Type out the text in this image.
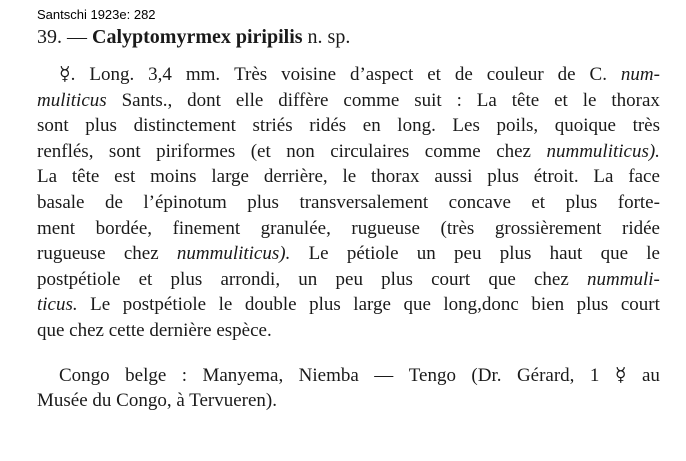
Santschi 1923e: 282
39. — Calyptomyrmex piripilis n. sp.
☿. Long. 3,4 mm. Très voisine d’aspect et de couleur de C. num-
muliticus Sants., dont elle diffère comme suit : La tête et le thorax
sont plus distinctement striés ridés en long. Les poils, quoique très
renflés, sont piriformes (et non circulaires comme chez nummuliticus).
La tête est moins large derrière, le thorax aussi plus étroit. La face
basale de l’épinotum plus transversalement concave et plus forte-
ment bordée, finement granulée, rugueuse (très grossièrement ridée
rugueuse chez nummuliticus). Le pétiole un peu plus haut que le
postpétiole et plus arrondi, un peu plus court que chez nummuli-
ticus. Le postpétiole le double plus large que long,donc bien plus court
que chez cette dernière espèce.
Congo belge : Manyema, Niemba — Tengo (Dr. Gérard, 1 ☿ au
Musée du Congo, à Tervueren).
